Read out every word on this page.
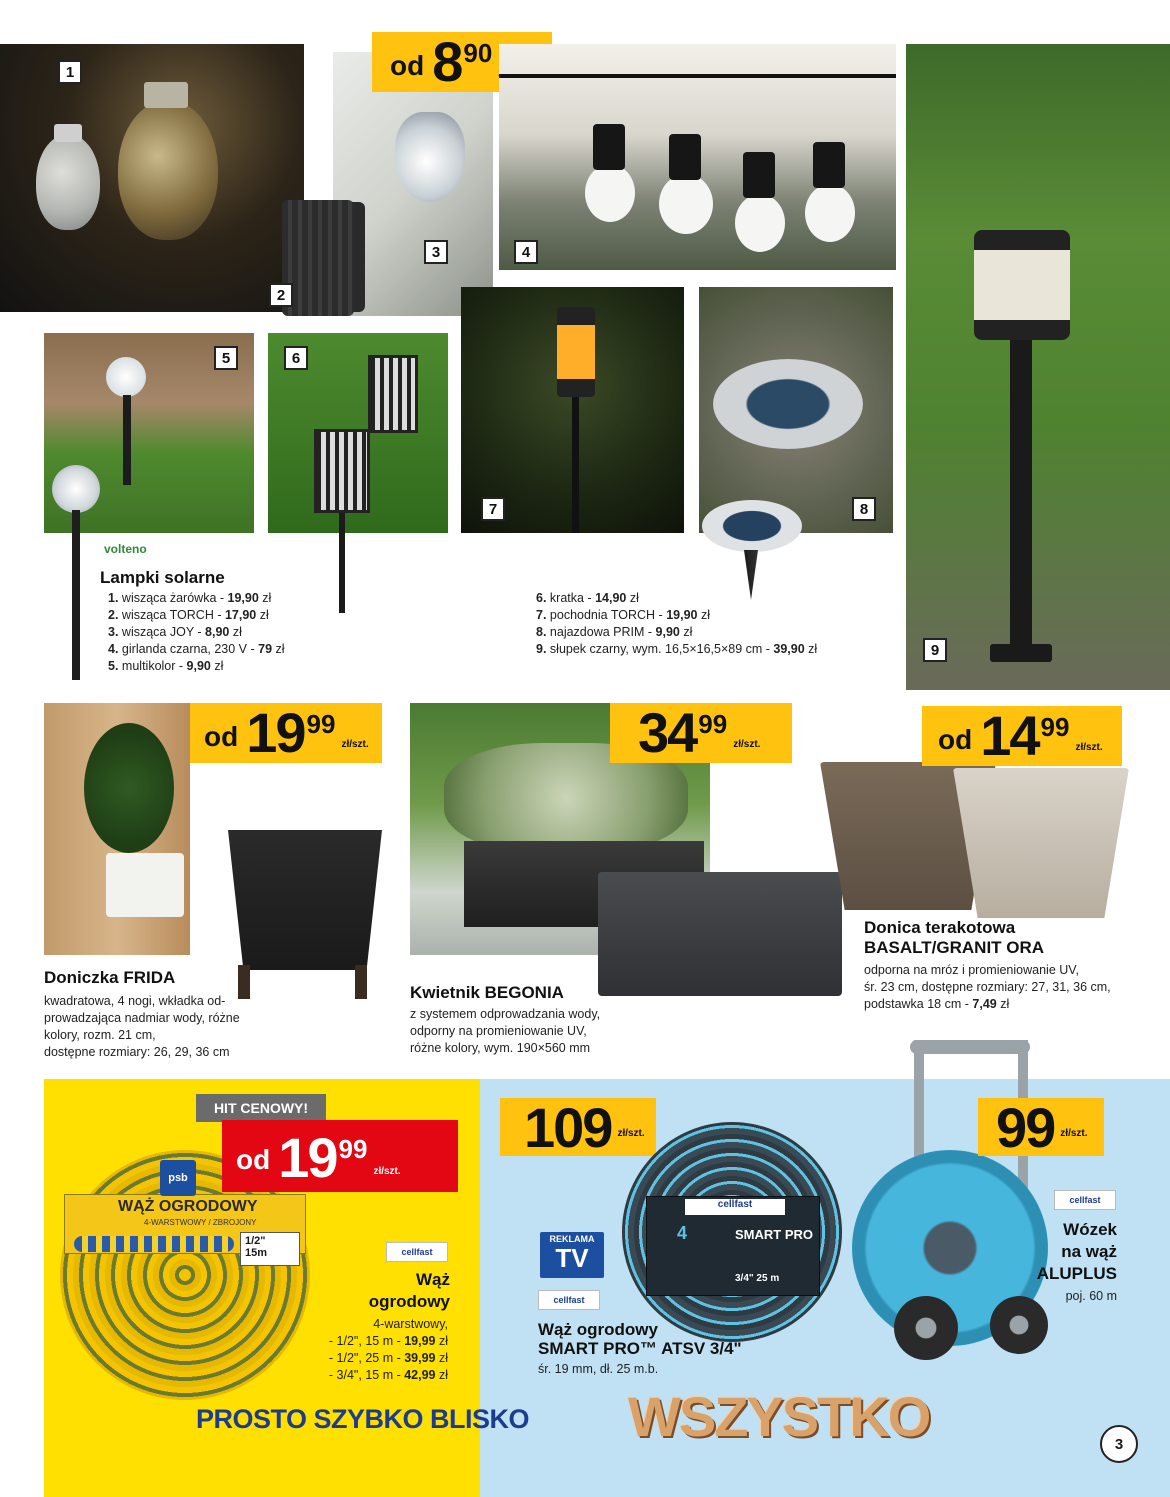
1
2
3
od 8 90
4
9
5	6
7	8
volteno
Lampki solarne
1. wisząca żarówka - 19,90 zł
2. wisząca TORCH - 17,90 zł
3. wisząca JOY - 8,90 zł
4. girlanda czarna, 230 V - 79 zł
5. multikolor - 9,90 zł
6. kratka - 14,90 zł
7. pochodnia TORCH - 19,90 zł
8. najazdowa PRIM - 9,90 zł
9. słupek czarny, wym. 16,5×16,5×89 cm - 39,90 zł
od 19 99
zł/szt.
Doniczka FRIDA
kwadratowa, 4 nogi, wkładka od-
prowadzająca nadmiar wody, różne
kolory, rozm. 21 cm,
dostępne rozmiary: 26, 29, 36 cm
34 99
zł/szt.
Kwietnik BEGONIA
z systemem odprowadzania wody,
odporny na promieniowanie UV,
różne kolory, wym. 190×560 mm
od 14 99
zł/szt.
Donica terakotowa
BASALT/GRANIT ORA
odporna na mróz i promieniowanie UV,
śr. 23 cm, dostępne rozmiary: 27, 31, 36 cm,
podstawka 18 cm - 7,49 zł
psb
WĄŻ OGRODOWY
4-WARSTWOWY / ZBROJONY
1/2"
15m
HIT CENOWY!
od 19 99
zł/szt.
cellfast
Wąż
ogrodowy
4-warstwowy,
- 1/2", 15 m - 19,99 zł
- 1/2", 25 m - 39,99 zł
- 3/4", 15 m - 42,99 zł
109 zł/szt.
cellfast
SMART PRO
4
3/4" 25 m
REKLAMA
TV
cellfast
Wąż ogrodowy
SMART PRO™ ATSV 3/4"
śr. 19 mm, dł. 25 m.b.
99 zł/szt.
cellfast
Wózek
na wąż
ALUPLUS
poj. 60 m
PROSTO SZYBKO BLISKO WSZYSTKO	3
